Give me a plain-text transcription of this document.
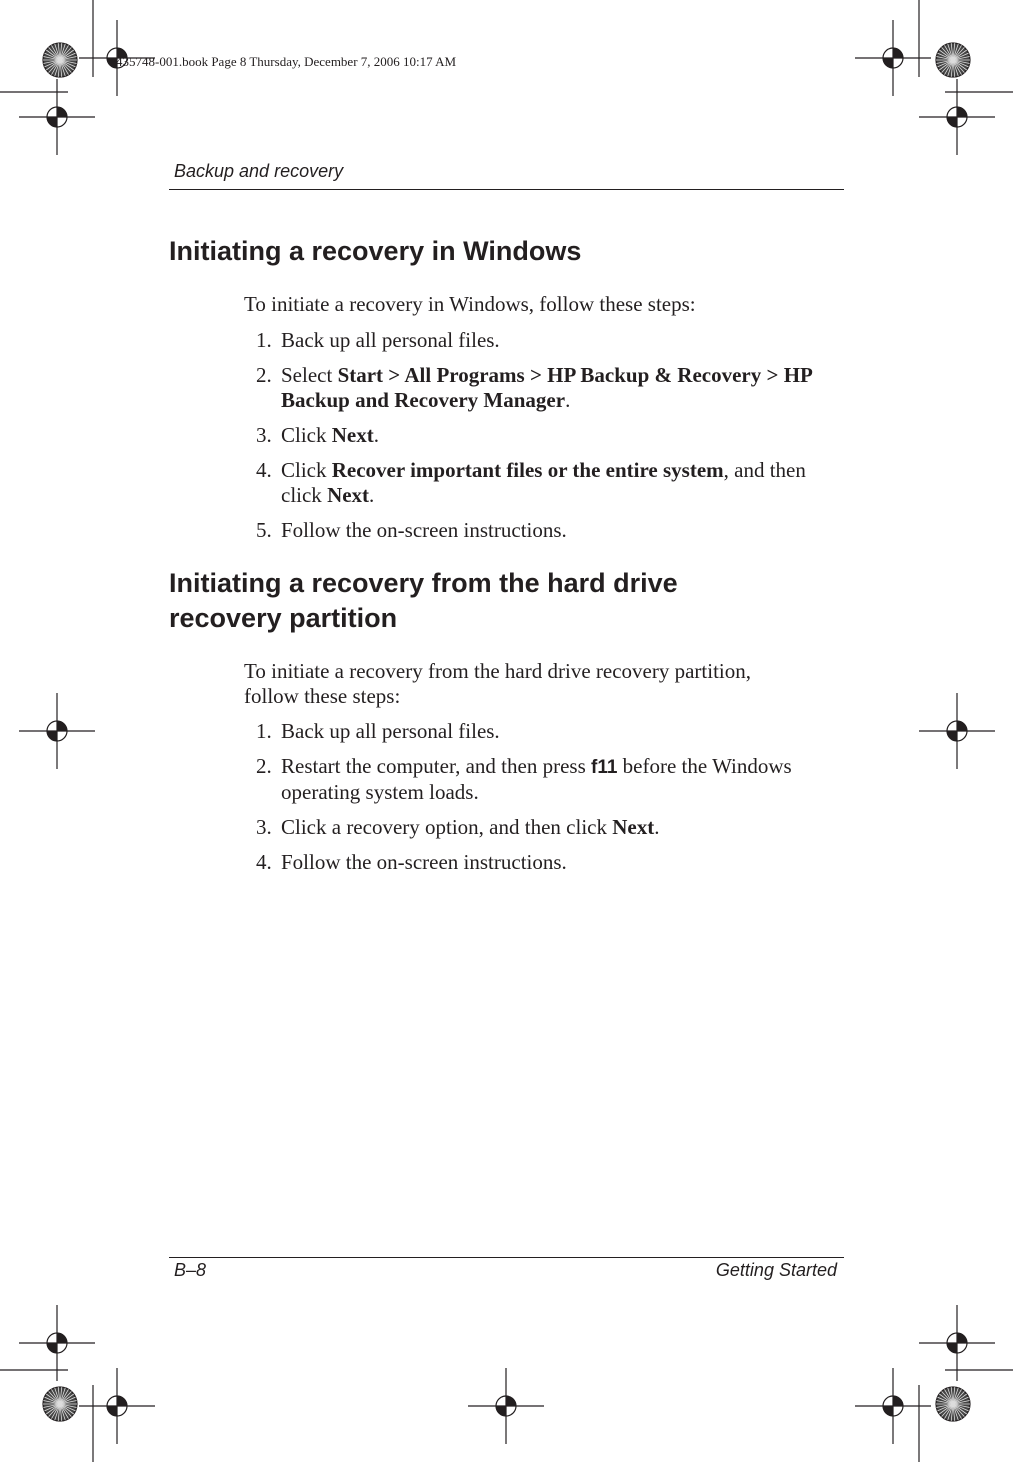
435748-001.book Page 8 Thursday, December 7, 2006 10:17 AM
Backup and recovery
Initiating a recovery in Windows

To initiate a recovery in Windows, follow these steps:

1. Back up all personal files.
2. Select Start > All Programs > HP Backup & Recovery > HP Backup and Recovery Manager.
3. Click Next.
4. Click Recover important files or the entire system, and then click Next.
5. Follow the on-screen instructions.
Initiating a recovery from the hard drive
recovery partition

To initiate a recovery from the hard drive recovery partition,
follow these steps:

1. Back up all personal files.
2. Restart the computer, and then press f11 before the Windows operating system loads.
3. Click a recovery option, and then click Next.
4. Follow the on-screen instructions.
B–8	Getting Started
